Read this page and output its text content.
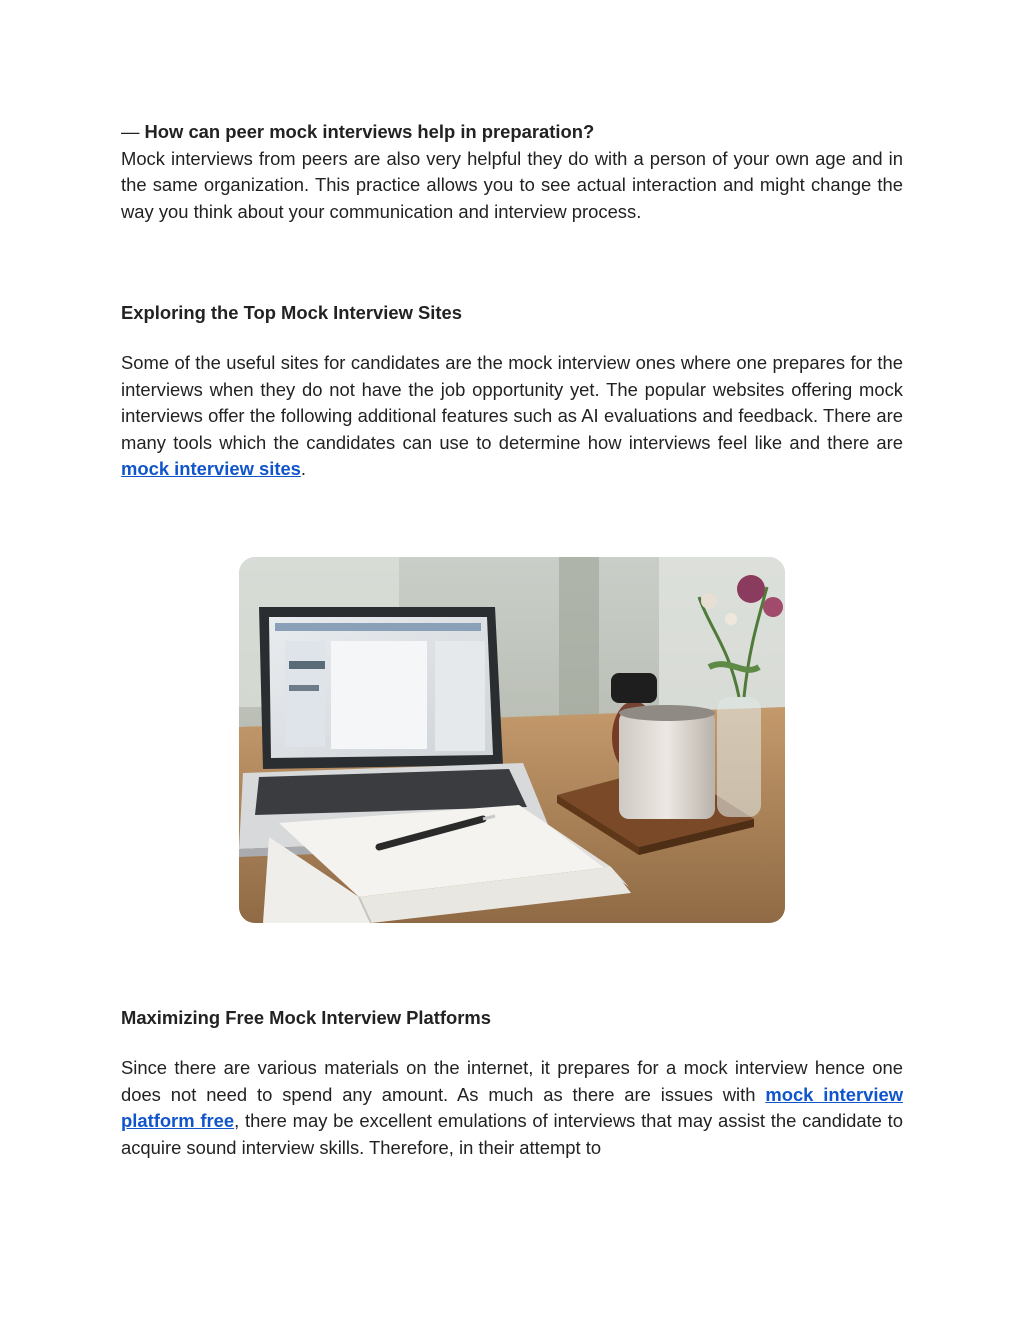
— How can peer mock interviews help in preparation?
Mock interviews from peers are also very helpful they do with a person of your own age and in the same organization. This practice allows you to see actual interaction and might change the way you think about your communication and interview process.

Exploring the Top Mock Interview Sites

Some of the useful sites for candidates are the mock interview ones where one prepares for the interviews when they do not have the job opportunity yet. The popular websites offering mock interviews offer the following additional features such as AI evaluations and feedback. There are many tools which the candidates can use to determine how interviews feel like and there are mock interview sites.

Maximizing Free Mock Interview Platforms

Since there are various materials on the internet, it prepares for a mock interview hence one does not need to spend any amount. As much as there are issues with mock interview platform free, there may be excellent emulations of interviews that may assist the candidate to acquire sound interview skills. Therefore, in their attempt to
